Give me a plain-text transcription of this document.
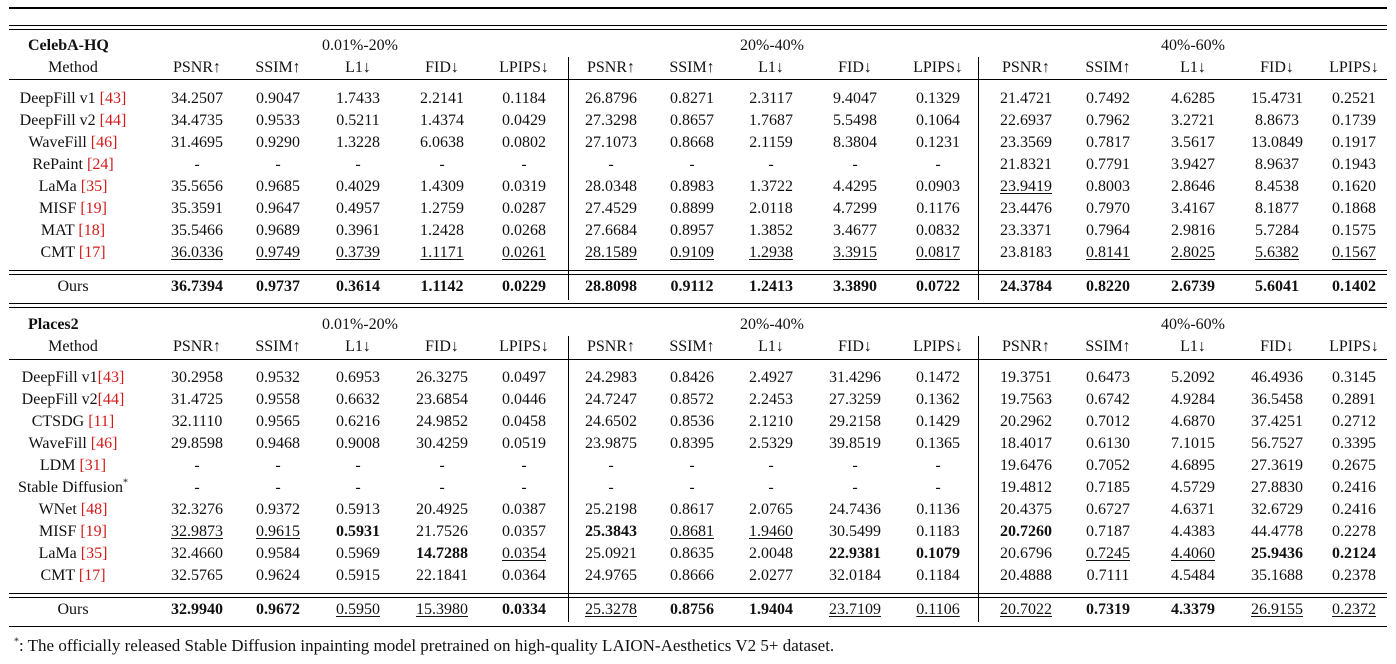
CelebA-HQ	0.01%-20%	20%-40%	40%-60%
Method	PSNR↑	SSIM↑	L1↓	FID↓	LPIPS↓	PSNR↑	SSIM↑	L1↓	FID↓	LPIPS↓	PSNR↑	SSIM↑	L1↓	FID↓	LPIPS↓
DeepFill v1 [43]	34.2507	0.9047	1.7433	2.2141	0.1184	26.8796	0.8271	2.3117	9.4047	0.1329	21.4721	0.7492	4.6285	15.4731	0.2521
DeepFill v2 [44]	34.4735	0.9533	0.5211	1.4374	0.0429	27.3298	0.8657	1.7687	5.5498	0.1064	22.6937	0.7962	3.2721	8.8673	0.1739
WaveFill [46]	31.4695	0.9290	1.3228	6.0638	0.0802	27.1073	0.8668	2.1159	8.3804	0.1231	23.3569	0.7817	3.5617	13.0849	0.1917
RePaint [24]	-	-	-	-	-	-	-	-	-	-	21.8321	0.7791	3.9427	8.9637	0.1943
LaMa [35]	35.5656	0.9685	0.4029	1.4309	0.0319	28.0348	0.8983	1.3722	4.4295	0.0903	23.9419	0.8003	2.8646	8.4538	0.1620
MISF [19]	35.3591	0.9647	0.4957	1.2759	0.0287	27.4529	0.8899	2.0118	4.7299	0.1176	23.4476	0.7970	3.4167	8.1877	0.1868
MAT [18]	35.5466	0.9689	0.3961	1.2428	0.0268	27.6684	0.8957	1.3852	3.4677	0.0832	23.3371	0.7964	2.9816	5.7284	0.1575
CMT [17]	36.0336	0.9749	0.3739	1.1171	0.0261	28.1589	0.9109	1.2938	3.3915	0.0817	23.8183	0.8141	2.8025	5.6382	0.1567
Ours	36.7394	0.9737	0.3614	1.1142	0.0229	28.8098	0.9112	1.2413	3.3890	0.0722	24.3784	0.8220	2.6739	5.6041	0.1402
Places2	0.01%-20%	20%-40%	40%-60%
Method	PSNR↑	SSIM↑	L1↓	FID↓	LPIPS↓	PSNR↑	SSIM↑	L1↓	FID↓	LPIPS↓	PSNR↑	SSIM↑	L1↓	FID↓	LPIPS↓
DeepFill v1[43]	30.2958	0.9532	0.6953	26.3275	0.0497	24.2983	0.8426	2.4927	31.4296	0.1472	19.3751	0.6473	5.2092	46.4936	0.3145
DeepFill v2[44]	31.4725	0.9558	0.6632	23.6854	0.0446	24.7247	0.8572	2.2453	27.3259	0.1362	19.7563	0.6742	4.9284	36.5458	0.2891
CTSDG [11]	32.1110	0.9565	0.6216	24.9852	0.0458	24.6502	0.8536	2.1210	29.2158	0.1429	20.2962	0.7012	4.6870	37.4251	0.2712
WaveFill [46]	29.8598	0.9468	0.9008	30.4259	0.0519	23.9875	0.8395	2.5329	39.8519	0.1365	18.4017	0.6130	7.1015	56.7527	0.3395
LDM [31]	-	-	-	-	-	-	-	-	-	-	19.6476	0.7052	4.6895	27.3619	0.2675
Stable Diffusion*	-	-	-	-	-	-	-	-	-	-	19.4812	0.7185	4.5729	27.8830	0.2416
WNet [48]	32.3276	0.9372	0.5913	20.4925	0.0387	25.2198	0.8617	2.0765	24.7436	0.1136	20.4375	0.6727	4.6371	32.6729	0.2416
MISF [19]	32.9873	0.9615	0.5931	21.7526	0.0357	25.3843	0.8681	1.9460	30.5499	0.1183	20.7260	0.7187	4.4383	44.4778	0.2278
LaMa [35]	32.4660	0.9584	0.5969	14.7288	0.0354	25.0921	0.8635	2.0048	22.9381	0.1079	20.6796	0.7245	4.4060	25.9436	0.2124
CMT [17]	32.5765	0.9624	0.5915	22.1841	0.0364	24.9765	0.8666	2.0277	32.0184	0.1184	20.4888	0.7111	4.5484	35.1688	0.2378
Ours	32.9940	0.9672	0.5950	15.3980	0.0334	25.3278	0.8756	1.9404	23.7109	0.1106	20.7022	0.7319	4.3379	26.9155	0.2372
*: The officially released Stable Diffusion inpainting model pretrained on high-quality LAION-Aesthetics V2 5+ dataset.
